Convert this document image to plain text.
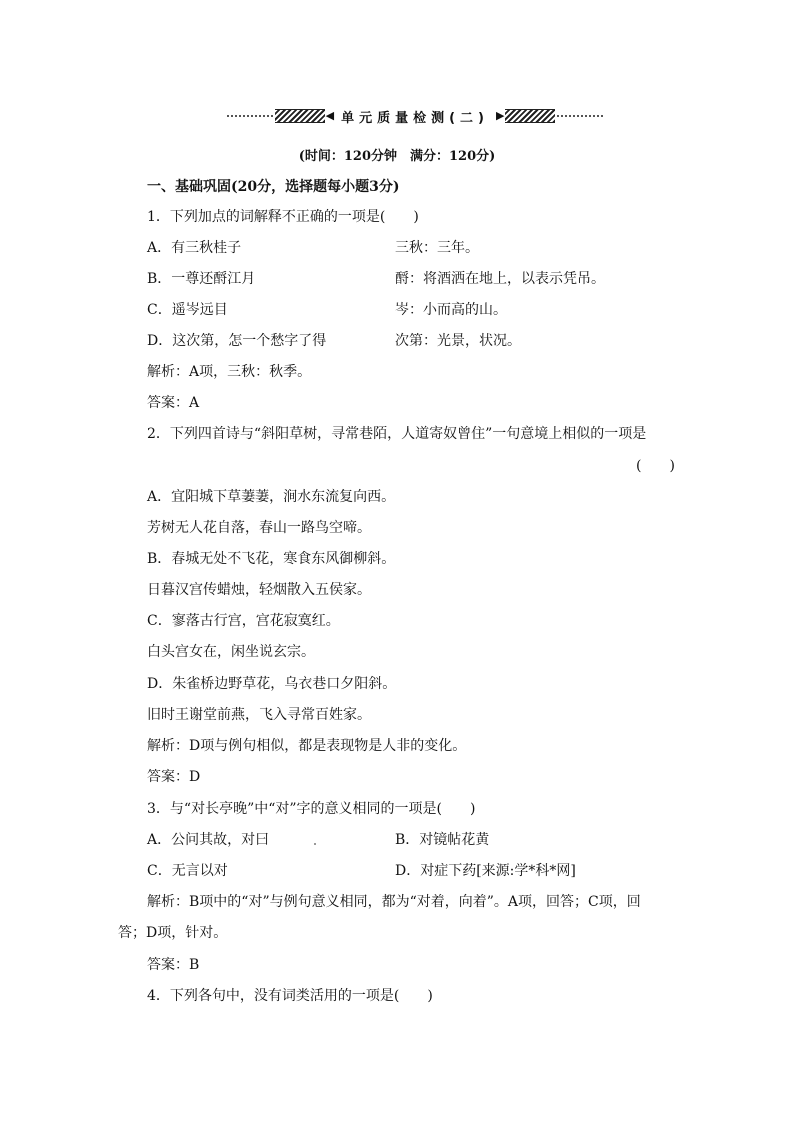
◀ 单元质量检测(二) ▶
(时间：120分钟　满分：120分)
一、基础巩固(20分，选择题每小题3分)
1．下列加点的词解释不正确的一项是(　　)
A．有三秋桂子	三秋：三年。
B．一尊还酹江月	酹：将酒洒在地上，以表示凭吊。
C．遥岑远目	岑：小而高的山。
D．这次第，怎一个愁字了得	次第：光景，状况。
解析：A项，三秋：秋季。
答案：A
2．下列四首诗与“斜阳草树，寻常巷陌，人道寄奴曾住”一句意境上相似的一项是
(　　)
A．宜阳城下草萋萋，涧水东流复向西。
芳树无人花自落，春山一路鸟空啼。
B．春城无处不飞花，寒食东风御柳斜。
日暮汉宫传蜡烛，轻烟散入五侯家。
C．寥落古行宫，宫花寂寞红。
白头宫女在，闲坐说玄宗。
D．朱雀桥边野草花，乌衣巷口夕阳斜。
旧时王谢堂前燕，飞入寻常百姓家。
解析：D项与例句相似，都是表现物是人非的变化。
答案：D
3．与“对长亭晚”中“对”字的意义相同的一项是(　　)
A．公问其故，对曰	B．对镜帖花黄
C．无言以对	D．对症下药[来源:学*科*网]
解析：B项中的“对”与例句意义相同，都为“对着，向着”。A项，回答；C项，回
答；D项，针对。
答案：B
4．下列各句中，没有词类活用的一项是(　　)
